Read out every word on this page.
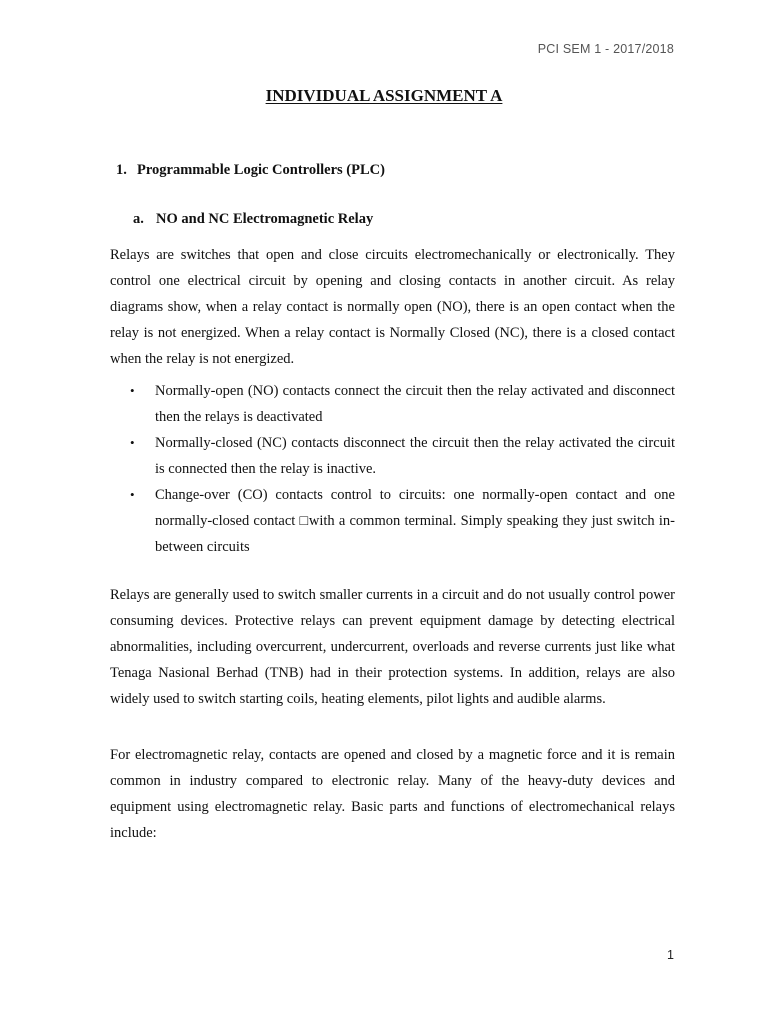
PCI SEM 1 - 2017/2018
INDIVIDUAL ASSIGNMENT A
1. Programmable Logic Controllers (PLC)
a. NO and NC Electromagnetic Relay

Relays are switches that open and close circuits electromechanically or electronically. They control one electrical circuit by opening and closing contacts in another circuit. As relay diagrams show, when a relay contact is normally open (NO), there is an open contact when the relay is not energized. When a relay contact is Normally Closed (NC), there is a closed contact when the relay is not energized.

• Normally-open (NO) contacts connect the circuit then the relay activated and disconnect then the relays is deactivated
• Normally-closed (NC) contacts disconnect the circuit then the relay activated the circuit is connected then the relay is inactive.
• Change-over (CO) contacts control to circuits: one normally-open contact and one normally-closed contact □with a common terminal. Simply speaking they just switch in-between circuits

Relays are generally used to switch smaller currents in a circuit and do not usually control power consuming devices. Protective relays can prevent equipment damage by detecting electrical abnormalities, including overcurrent, undercurrent, overloads and reverse currents just like what Tenaga Nasional Berhad (TNB) had in their protection systems. In addition, relays are also widely used to switch starting coils, heating elements, pilot lights and audible alarms.

For electromagnetic relay, contacts are opened and closed by a magnetic force and it is remain common in industry compared to electronic relay. Many of the heavy-duty devices and equipment using electromagnetic relay. Basic parts and functions of electromechanical relays include:

1
